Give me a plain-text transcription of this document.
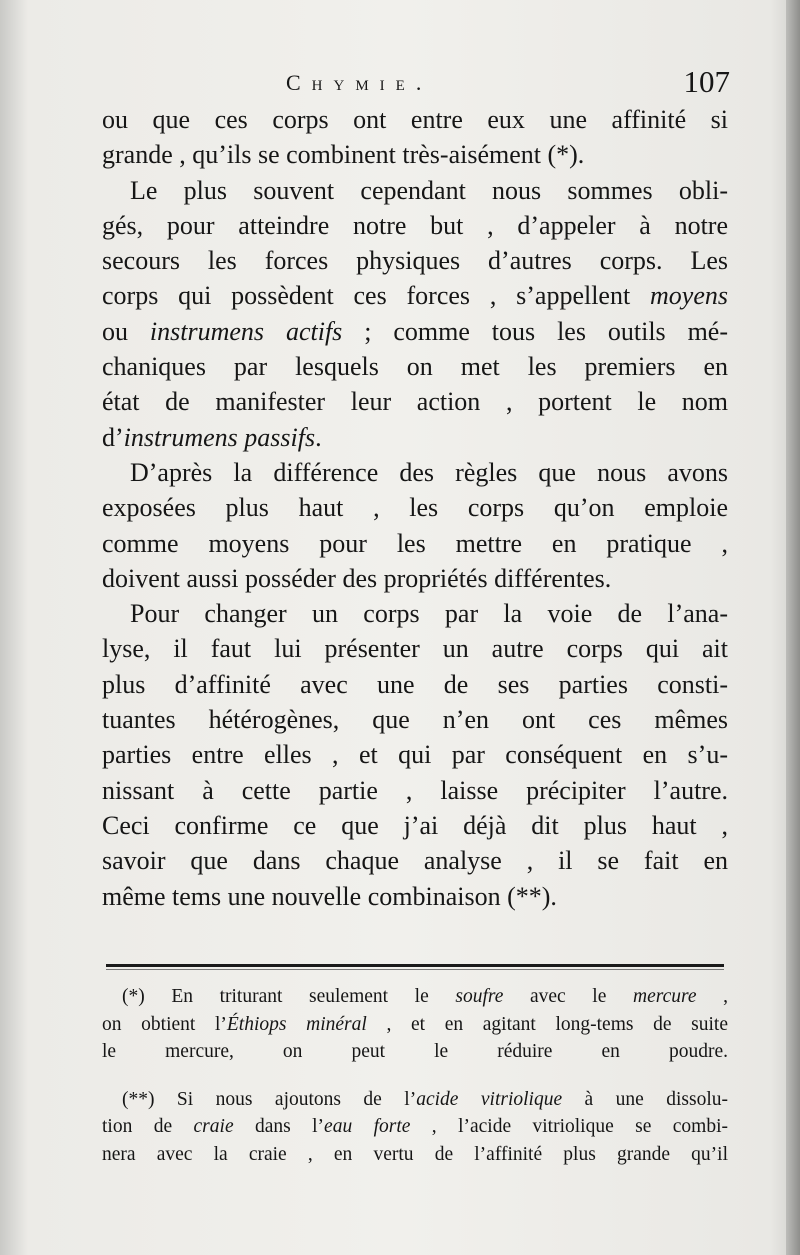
Chymie.	107

ou que ces corps ont entre eux une affinité si
grande , qu’ils se combinent très-aisément (*).

Le plus souvent cependant nous sommes obli-
gés, pour atteindre notre but , d’appeler à notre
secours les forces physiques d’autres corps. Les
corps qui possèdent ces forces , s’appellent moyens
ou instrumens actifs ; comme tous les outils mé-
chaniques par lesquels on met les premiers en
état de manifester leur action , portent le nom
d’instrumens passifs.

D’après la différence des règles que nous avons
exposées plus haut , les corps qu’on emploie
comme moyens pour les mettre en pratique ,
doivent aussi posséder des propriétés différentes.

Pour changer un corps par la voie de l’ana-
lyse, il faut lui présenter un autre corps qui ait
plus d’affinité avec une de ses parties consti-
tuantes hétérogènes, que n’en ont ces mêmes
parties entre elles , et qui par conséquent en s’u-
nissant à cette partie , laisse précipiter l’autre.
Ceci confirme ce que j’ai déjà dit plus haut ,
savoir que dans chaque analyse , il se fait en
même tems une nouvelle combinaison (**).

(*) En triturant seulement le soufre avec le mercure ,
on obtient l’Éthiops minéral , et en agitant long-tems de suite
le mercure, on peut le réduire en poudre.
(**) Si nous ajoutons de l’acide vitriolique à une dissolu-
tion de craie dans l’eau forte , l’acide vitriolique se combi-
nera avec la craie , en vertu de l’affinité plus grande qu’il
